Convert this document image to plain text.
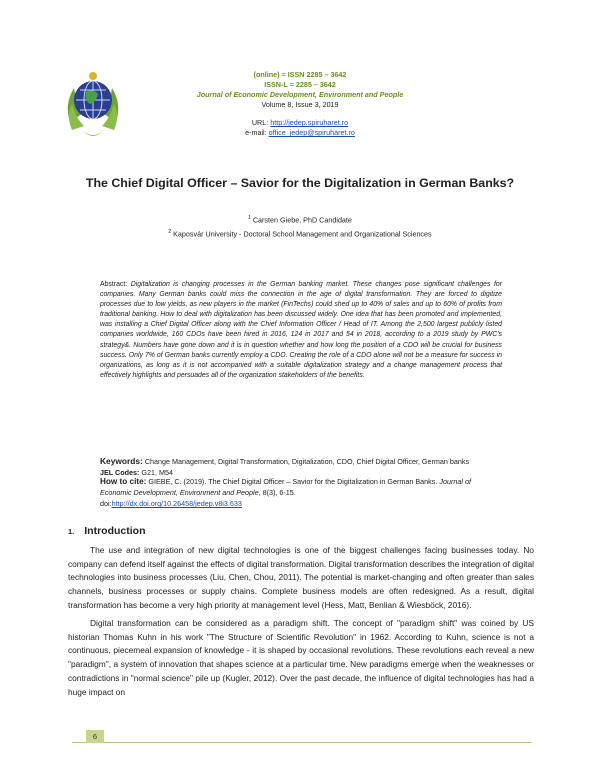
(online) = ISSN 2285 – 3642
ISSN-L = 2285 – 3642
Journal of Economic Development, Environment and People
Volume 8, Issue 3, 2019
URL: http://jedep.spiruharet.ro
e-mail: office_jedep@spiruharet.ro
The Chief Digital Officer – Savior for the Digitalization in German Banks?
$^1$ Carsten Giebe, PhD Candidate
$^2$ Kaposvár University - Doctoral School Management and Organizational Sciences
Abstract: Digitalization is changing processes in the German banking market. These changes pose significant challenges for companies. Many German banks could miss the connection in the age of digital transformation. They are forced to digitize processes due to low yields, as new players in the market (FinTechs) could shed up to 40% of sales and up to 60% of profits from traditional banking. How to deal with digitalization has been discussed widely. One idea that has been promoted and implemented, was installing a Chief Digital Officer along with the Chief Information Officer / Head of IT. Among the 2,500 largest publicly listed companies worldwide, 160 CDOs have been hired in 2016, 124 in 2017 and 54 in 2018, according to a 2019 study by PWC's strategy&. Numbers have gone down and it is in question whether and how long the position of a CDO will be crucial for business success. Only 7% of German banks currently employ a CDO. Creating the role of a CDO alone will not be a measure for success in organizations, as long as it is not accompanied with a suitable digitalization strategy and a change management process that effectively highlights and persuades all of the organization stakeholders of the benefits.
Keywords: Change Management, Digital Transformation, Digitalization, CDO, Chief Digital Officer, German banks
JEL Codes: G21, M54
How to cite: GIEBE, C. (2019). The Chief Digital Officer – Savior for the Digitalization in German Banks. Journal of Economic Development, Environment and People, 8(3), 6-15.
doi:http://dx.doi.org/10.26458/jedep.v8i3.633
1. Introduction

The use and integration of new digital technologies is one of the biggest challenges facing businesses today. No company can defend itself against the effects of digital transformation. Digital transformation describes the integration of digital technologies into business processes (Liu, Chen, Chou, 2011). The potential is market-changing and often greater than sales channels, business processes or supply chains. Complete business models are often redesigned. As a result, digital transformation has become a very high priority at management level (Hess, Matt, Benlian & Wiesböck, 2016).

Digital transformation can be considered as a paradigm shift. The concept of "paradigm shift" was coined by US historian Thomas Kuhn in his work "The Structure of Scientific Revolution" in 1962. According to Kuhn, science is not a continuous, piecemeal expansion of knowledge - it is shaped by occasional revolutions. These revolutions each reveal a new "paradigm", a system of innovation that shapes science at a particular time. New paradigms emerge when the weaknesses or contradictions in "normal science" pile up (Kugler, 2012). Over the past decade, the influence of digital technologies has had a huge impact on

6
